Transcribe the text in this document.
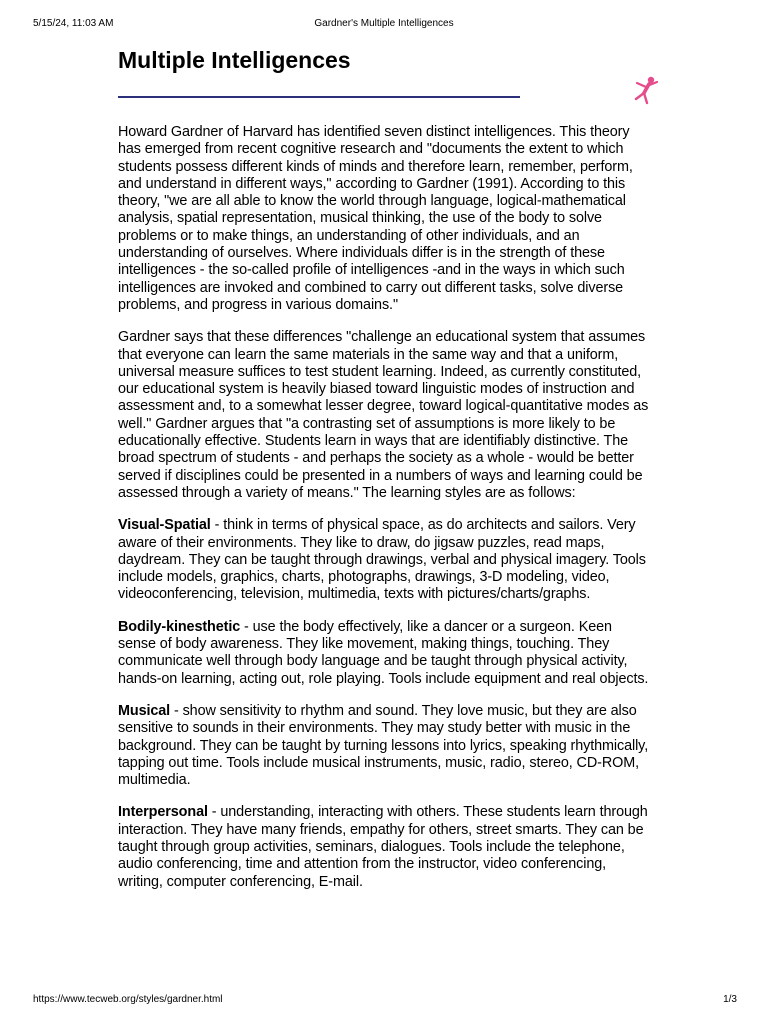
5/15/24, 11:03 AM	Gardner's Multiple Intelligences
Multiple Intelligences

Howard Gardner of Harvard has identified seven distinct intelligences. This theory has emerged from recent cognitive research and "documents the extent to which students possess different kinds of minds and therefore learn, remember, perform, and understand in different ways," according to Gardner (1991). According to this theory, "we are all able to know the world through language, logical-mathematical analysis, spatial representation, musical thinking, the use of the body to solve problems or to make things, an understanding of other individuals, and an understanding of ourselves. Where individuals differ is in the strength of these intelligences - the so-called profile of intelligences -and in the ways in which such intelligences are invoked and combined to carry out different tasks, solve diverse problems, and progress in various domains."

Gardner says that these differences "challenge an educational system that assumes that everyone can learn the same materials in the same way and that a uniform, universal measure suffices to test student learning. Indeed, as currently constituted, our educational system is heavily biased toward linguistic modes of instruction and assessment and, to a somewhat lesser degree, toward logical-quantitative modes as well." Gardner argues that "a contrasting set of assumptions is more likely to be educationally effective. Students learn in ways that are identifiably distinctive. The broad spectrum of students - and perhaps the society as a whole - would be better served if disciplines could be presented in a numbers of ways and learning could be assessed through a variety of means." The learning styles are as follows:

Visual-Spatial - think in terms of physical space, as do architects and sailors. Very aware of their environments. They like to draw, do jigsaw puzzles, read maps, daydream. They can be taught through drawings, verbal and physical imagery. Tools include models, graphics, charts, photographs, drawings, 3-D modeling, video, videoconferencing, television, multimedia, texts with pictures/charts/graphs.

Bodily-kinesthetic - use the body effectively, like a dancer or a surgeon. Keen sense of body awareness. They like movement, making things, touching. They communicate well through body language and be taught through physical activity, hands-on learning, acting out, role playing. Tools include equipment and real objects.

Musical - show sensitivity to rhythm and sound. They love music, but they are also sensitive to sounds in their environments. They may study better with music in the background. They can be taught by turning lessons into lyrics, speaking rhythmically, tapping out time. Tools include musical instruments, music, radio, stereo, CD-ROM, multimedia.

Interpersonal - understanding, interacting with others. These students learn through interaction. They have many friends, empathy for others, street smarts. They can be taught through group activities, seminars, dialogues. Tools include the telephone, audio conferencing, time and attention from the instructor, video conferencing, writing, computer conferencing, E-mail.

https://www.tecweb.org/styles/gardner.html	1/3
